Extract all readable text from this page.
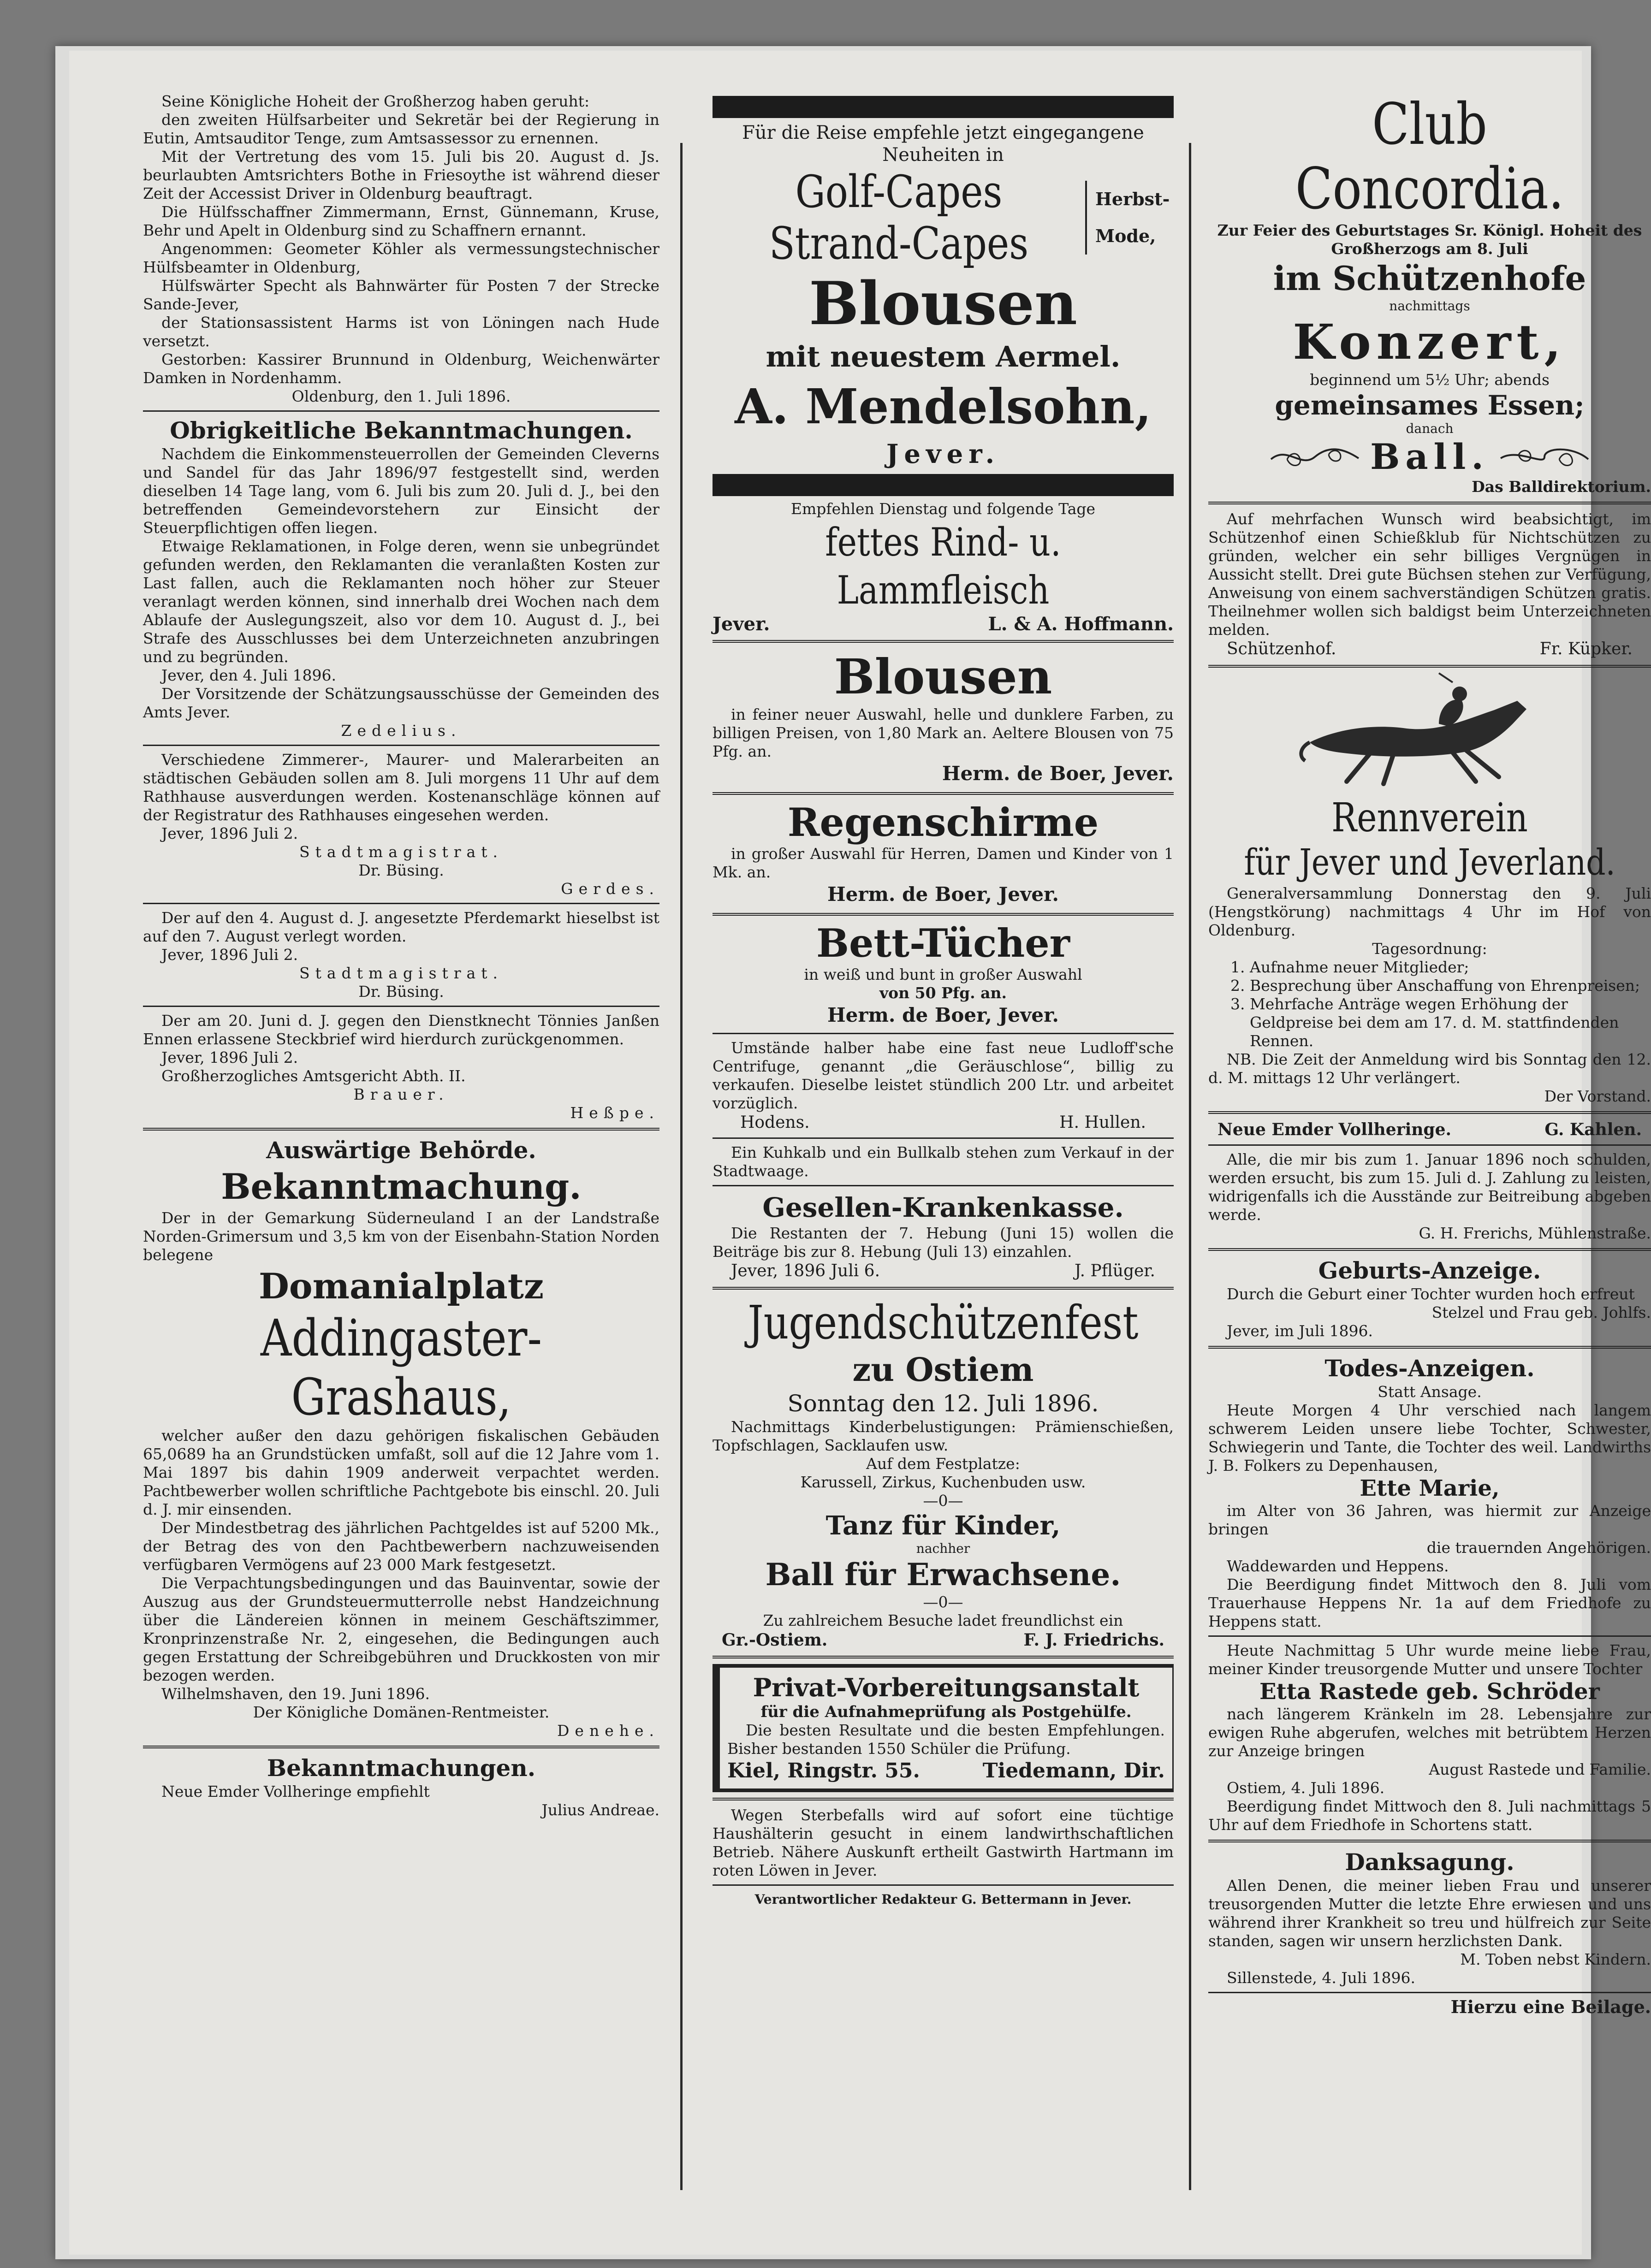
Seine Königliche Hoheit der Großherzog haben geruht:

den zweiten Hülfsarbeiter und Sekretär bei der Regierung in Eutin, Amtsauditor Tenge, zum Amtsassessor zu ernennen.

Mit der Vertretung des vom 15. Juli bis 20. August d. Js. beurlaubten Amtsrichters Bothe in Friesoythe ist während dieser Zeit der Accessist Driver in Oldenburg beauftragt.

Die Hülfsschaffner Zimmermann, Ernst, Günnemann, Kruse, Behr und Apelt in Oldenburg sind zu Schaffnern ernannt.

Angenommen: Geometer Köhler als vermessungstechnischer Hülfsbeamter in Oldenburg,

Hülfswärter Specht als Bahnwärter für Posten 7 der Strecke Sande-Jever,

der Stationsassistent Harms ist von Löningen nach Hude versetzt.

Gestorben: Kassirer Brunnund in Oldenburg, Weichenwärter Damken in Nordenhamm.

Oldenburg, den 1. Juli 1896.

Obrigkeitliche Bekanntmachungen.

Nachdem die Einkommensteuerrollen der Gemeinden Cleverns und Sandel für das Jahr 1896/97 festgestellt sind, werden dieselben 14 Tage lang, vom 6. Juli bis zum 20. Juli d. J., bei den betreffenden Gemeindevorstehern zur Einsicht der Steuerpflichtigen offen liegen.

Etwaige Reklamationen, in Folge deren, wenn sie unbegründet gefunden werden, den Reklamanten die veranlaßten Kosten zur Last fallen, auch die Reklamanten noch höher zur Steuer veranlagt werden können, sind innerhalb drei Wochen nach dem Ablaufe der Auslegungszeit, also vor dem 10. August d. J., bei Strafe des Ausschlusses bei dem Unterzeichneten anzubringen und zu begründen.

Jever, den 4. Juli 1896.

Der Vorsitzende der Schätzungsausschüsse der Gemeinden des Amts Jever.

Zedelius.

Verschiedene Zimmerer-, Maurer- und Malerarbeiten an städtischen Gebäuden sollen am 8. Juli morgens 11 Uhr auf dem Rathhause ausverdungen werden. Kostenanschläge können auf der Registratur des Rathhauses eingesehen werden.

Jever, 1896 Juli 2.

Stadtmagistrat.

Dr. Büsing.

Gerdes.

Der auf den 4. August d. J. angesetzte Pferdemarkt hieselbst ist auf den 7. August verlegt worden.

Jever, 1896 Juli 2.

Stadtmagistrat.

Dr. Büsing.

Der am 20. Juni d. J. gegen den Dienstknecht Tönnies Janßen Ennen erlassene Steckbrief wird hierdurch zurückgenommen.

Jever, 1896 Juli 2.

Großherzogliches Amtsgericht Abth. II.

Brauer.

Heßpe.

Auswärtige Behörde.

Bekanntmachung.

Der in der Gemarkung Süderneuland I an der Landstraße Norden-Grimersum und 3,5 km von der Eisenbahn-Station Norden belegene

Domanialplatz

Addingaster-Grashaus,

welcher außer den dazu gehörigen fiskalischen Gebäuden 65,0689 ha an Grundstücken umfaßt, soll auf die 12 Jahre vom 1. Mai 1897 bis dahin 1909 anderweit verpachtet werden. Pachtbewerber wollen schriftliche Pachtgebote bis einschl. 20. Juli d. J. mir einsenden.

Der Mindestbetrag des jährlichen Pachtgeldes ist auf 5200 Mk., der Betrag des von den Pachtbewerbern nachzuweisenden verfügbaren Vermögens auf 23 000 Mark festgesetzt.

Die Verpachtungsbedingungen und das Bauinventar, sowie der Auszug aus der Grundsteuermutterrolle nebst Handzeichnung über die Ländereien können in meinem Geschäftszimmer, Kronprinzenstraße Nr. 2, eingesehen, die Bedingungen auch gegen Erstattung der Schreibgebühren und Druckkosten von mir bezogen werden.

Wilhelmshaven, den 19. Juni 1896.

Der Königliche Domänen-Rentmeister.

Denehe.

Bekanntmachungen.

Neue Emder Vollheringe empfiehlt

Julius Andreae.

Für die Reise empfehle jetzt eingegangene Neuheiten in

Golf-Capes

Strand-Capes

Herbst-

Mode,

Blousen

mit neuestem Aermel.

A. Mendelsohn,

Jever.

Empfehlen Dienstag und folgende Tage

fettes Rind- u. Lammfleisch

Jever.	L. & A. Hoffmann.

Blousen

in feiner neuer Auswahl, helle und dunklere Farben, zu billigen Preisen, von 1,80 Mark an. Aeltere Blousen von 75 Pfg. an.

Herm. de Boer, Jever.

Regenschirme

in großer Auswahl für Herren, Damen und Kinder von 1 Mk. an.

Herm. de Boer, Jever.

Bett-Tücher

in weiß und bunt in großer Auswahl

von 50 Pfg. an.

Herm. de Boer, Jever.

Umstände halber habe eine fast neue Ludloff'sche Centrifuge, genannt „die Geräuschlose“, billig zu verkaufen. Dieselbe leistet stündlich 200 Ltr. und arbeitet vorzüglich.

Hodens.	H. Hullen.

Ein Kuhkalb und ein Bullkalb stehen zum Verkauf in der Stadtwaage.

Gesellen-Krankenkasse.

Die Restanten der 7. Hebung (Juni 15) wollen die Beiträge bis zur 8. Hebung (Juli 13) einzahlen.

Jever, 1896 Juli 6.	J. Pflüger.

Jugendschützenfest

zu Ostiem

Sonntag den 12. Juli 1896.

Nachmittags Kinderbelustigungen: Prämienschießen, Topfschlagen, Sacklaufen usw.

Auf dem Festplatze:

Karussell, Zirkus, Kuchenbuden usw.

—0—

Tanz für Kinder,

nachher

Ball für Erwachsene.

—0—

Zu zahlreichem Besuche ladet freundlichst ein

Gr.-Ostiem.	F. J. Friedrichs.

Privat-Vorbereitungsanstalt

für die Aufnahmeprüfung als Postgehülfe.

Die besten Resultate und die besten Empfehlungen. Bisher bestanden 1550 Schüler die Prüfung.

Kiel, Ringstr. 55.	Tiedemann, Dir.

Wegen Sterbefalls wird auf sofort eine tüchtige Haushälterin gesucht in einem landwirthschaftlichen Betrieb. Nähere Auskunft ertheilt Gastwirth Hartmann im roten Löwen in Jever.

Verantwortlicher Redakteur G. Bettermann in Jever.

Club Concordia.

Zur Feier des Geburtstages Sr. Königl. Hoheit des Großherzogs am 8. Juli

im Schützenhofe

nachmittags

Konzert,

beginnend um 5½ Uhr; abends

gemeinsames Essen;

danach

Ball.

Das Balldirektorium.

Auf mehrfachen Wunsch wird beabsichtigt, im Schützenhof einen Schießklub für Nichtschützen zu gründen, welcher ein sehr billiges Vergnügen in Aussicht stellt. Drei gute Büchsen stehen zur Verfügung, Anweisung von einem sachverständigen Schützen gratis. Theilnehmer wollen sich baldigst beim Unterzeichneten melden.

Schützenhof.	Fr. Küpker.

Rennverein

für Jever und Jeverland.

Generalversammlung Donnerstag den 9. Juli (Hengstkörung) nachmittags 4 Uhr im Hof von Oldenburg.

Tagesordnung:

1. Aufnahme neuer Mitglieder;
2. Besprechung über Anschaffung von Ehrenpreisen;
3. Mehrfache Anträge wegen Erhöhung der Geldpreise bei dem am 17. d. M. stattfindenden Rennen.

NB. Die Zeit der Anmeldung wird bis Sonntag den 12. d. M. mittags 12 Uhr verlängert.

Der Vorstand.

Neue Emder Vollheringe.	G. Kahlen.

Alle, die mir bis zum 1. Januar 1896 noch schulden, werden ersucht, bis zum 15. Juli d. J. Zahlung zu leisten, widrigenfalls ich die Ausstände zur Beitreibung abgeben werde.

G. H. Frerichs, Mühlenstraße.

Geburts-Anzeige.

Durch die Geburt einer Tochter wurden hoch erfreut

Stelzel und Frau geb. Johlfs.

Jever, im Juli 1896.

Todes-Anzeigen.

Statt Ansage.

Heute Morgen 4 Uhr verschied nach langem schwerem Leiden unsere liebe Tochter, Schwester, Schwiegerin und Tante, die Tochter des weil. Landwirths J. B. Folkers zu Depenhausen,

Ette Marie,

im Alter von 36 Jahren, was hiermit zur Anzeige bringen

die trauernden Angehörigen.

Waddewarden und Heppens.

Die Beerdigung findet Mittwoch den 8. Juli vom Trauerhause Heppens Nr. 1a auf dem Friedhofe zu Heppens statt.

Heute Nachmittag 5 Uhr wurde meine liebe Frau, meiner Kinder treusorgende Mutter und unsere Tochter

Etta Rastede geb. Schröder

nach längerem Kränkeln im 28. Lebensjahre zur ewigen Ruhe abgerufen, welches mit betrübtem Herzen zur Anzeige bringen

August Rastede und Familie.

Ostiem, 4. Juli 1896.

Beerdigung findet Mittwoch den 8. Juli nachmittags 5 Uhr auf dem Friedhofe in Schortens statt.

Danksagung.

Allen Denen, die meiner lieben Frau und unserer treusorgenden Mutter die letzte Ehre erwiesen und uns während ihrer Krankheit so treu und hülfreich zur Seite standen, sagen wir unsern herzlichsten Dank.

M. Toben nebst Kindern.

Sillenstede, 4. Juli 1896.

Hierzu eine Beilage.
